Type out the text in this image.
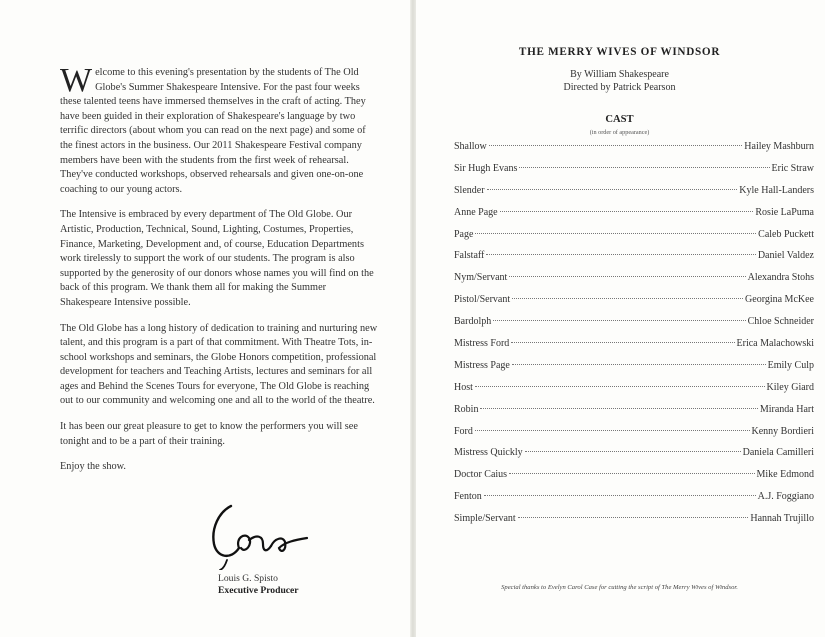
Welcome to this evening's presentation by the students of The Old Globe's Summer Shakespeare Intensive. For the past four weeks these talented teens have immersed themselves in the craft of acting. They have been guided in their exploration of Shakespeare's language by two terrific directors (about whom you can read on the next page) and some of the finest actors in the business. Our 2011 Shakespeare Festival company members have been with the students from the first week of rehearsal. They've conducted workshops, observed rehearsals and given one-on-one coaching to our young actors.

The Intensive is embraced by every department of The Old Globe. Our Artistic, Production, Technical, Sound, Lighting, Costumes, Properties, Finance, Marketing, Development and, of course, Education Departments work tirelessly to support the work of our students. The program is also supported by the generosity of our donors whose names you will find on the back of this program. We thank them all for making the Summer Shakespeare Intensive possible.

The Old Globe has a long history of dedication to training and nurturing new talent, and this program is a part of that commitment. With Theatre Tots, in-school workshops and seminars, the Globe Honors competition, professional development for teachers and Teaching Artists, lectures and seminars for all ages and Behind the Scenes Tours for everyone, The Old Globe is reaching out to our community and welcoming one and all to the world of the theatre.

It has been our great pleasure to get to know the performers you will see tonight and to be a part of their training.

Enjoy the show.

Louis G. Spisto
Executive Producer
THE MERRY WIVES OF WINDSOR
By William Shakespeare
Directed by Patrick Pearson
CAST
(in order of appearance)
Shallow	Hailey Mashburn
Sir Hugh Evans	Eric Straw
Slender	Kyle Hall-Landers
Anne Page	Rosie LaPuma
Page	Caleb Puckett
Falstaff	Daniel Valdez
Nym/Servant	Alexandra Stohs
Pistol/Servant	Georgina McKee
Bardolph	Chloe Schneider
Mistress Ford	Erica Malachowski
Mistress Page	Emily Culp
Host	Kiley Giard
Robin	Miranda Hart
Ford	Kenny Bordieri
Mistress Quickly	Daniela Camilleri
Doctor Caius	Mike Edmond
Fenton	A.J. Foggiano
Simple/Servant	Hannah Trujillo
Special thanks to Evelyn Carol Case for cutting the script of The Merry Wives of Windsor.
